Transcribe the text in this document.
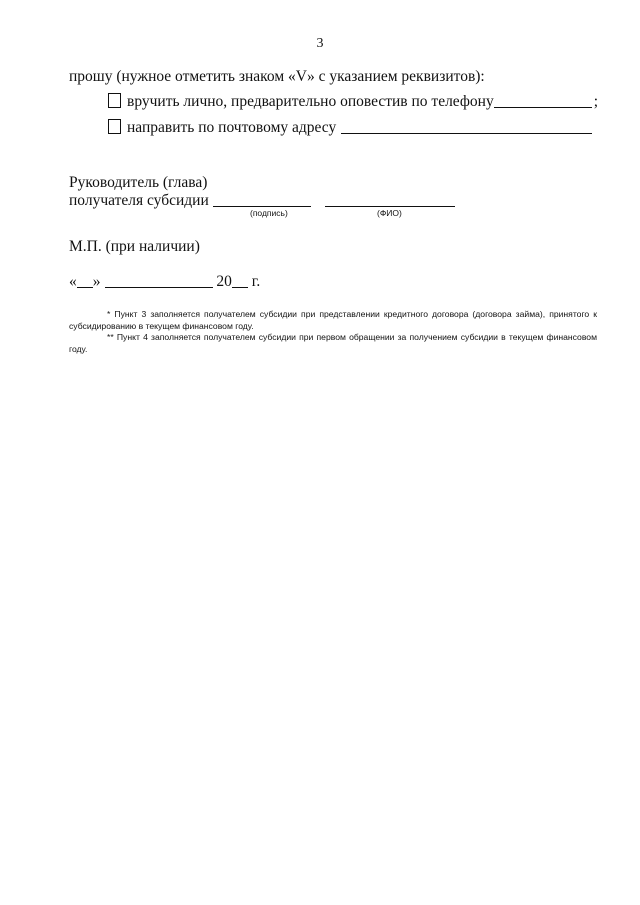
3
прошу (нужное отметить знаком «V» с указанием реквизитов):
вручить лично, предварительно оповестив по телефону	;
направить по почтовому адресу
Руководитель (глава)
получателя субсидии
(подпись)	(ФИО)
М.П. (при наличии)
« »	20 г.

* Пункт 3 заполняется получателем субсидии при представлении кредитного договора (договора займа), принятого к субсидированию в текущем финансовом году.

** Пункт 4 заполняется получателем субсидии при первом обращении за получением субсидии в текущем финансовом году.
